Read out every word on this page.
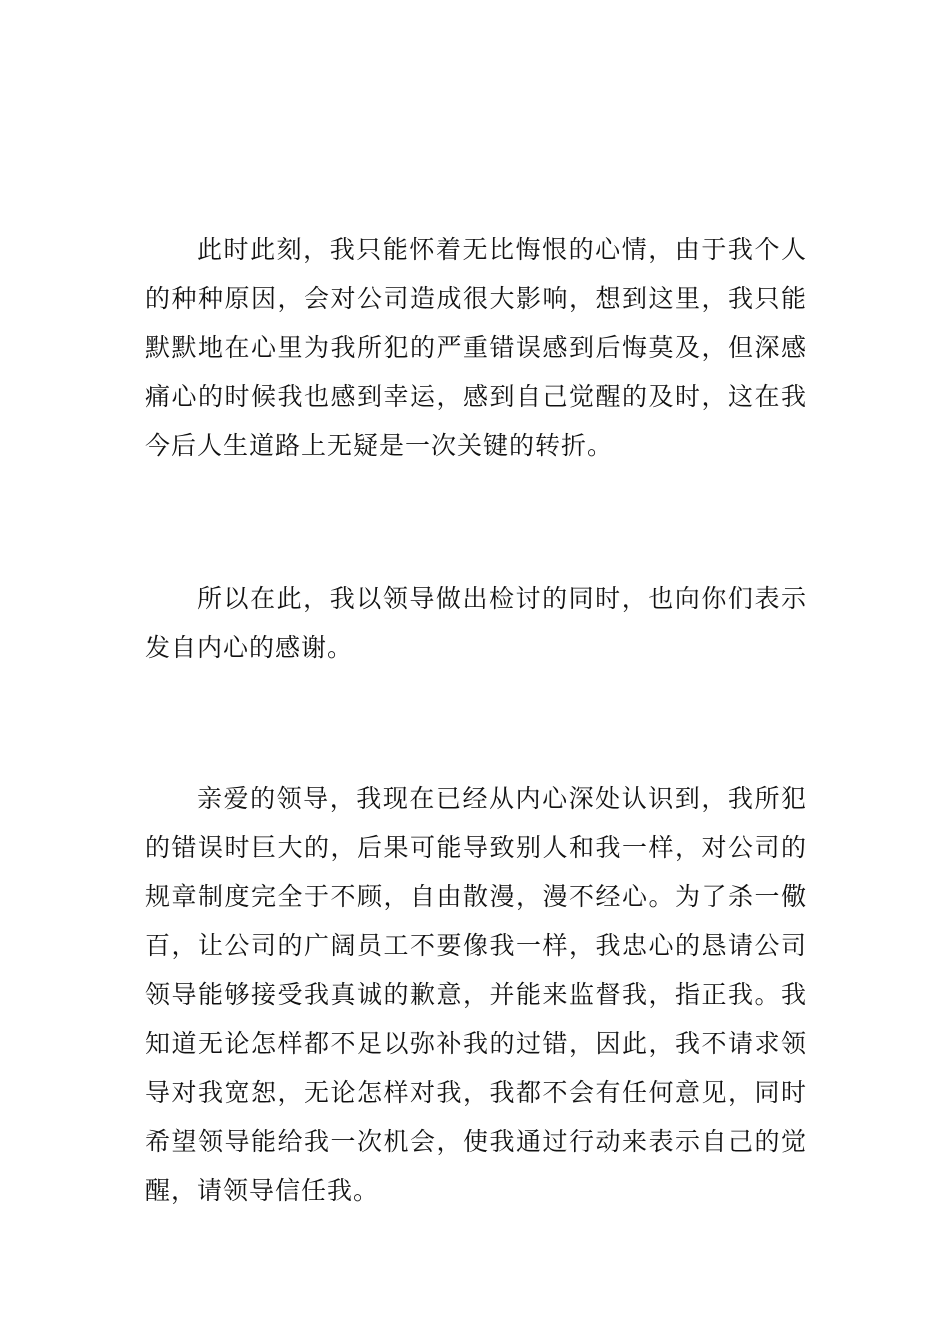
此时此刻，我只能怀着无比悔恨的心情，由于我个人的种种原因，会对公司造成很大影响，想到这里，我只能默默地在心里为我所犯的严重错误感到后悔莫及，但深感痛心的时候我也感到幸运，感到自己觉醒的及时，这在我今后人生道路上无疑是一次关键的转折。

所以在此，我以领导做出检讨的同时，也向你们表示发自内心的感谢。

亲爱的领导，我现在已经从内心深处认识到，我所犯的错误时巨大的，后果可能导致别人和我一样，对公司的规章制度完全于不顾，自由散漫，漫不经心。为了杀一儆百，让公司的广阔员工不要像我一样，我忠心的恳请公司领导能够接受我真诚的歉意，并能来监督我，指正我。我知道无论怎样都不足以弥补我的过错，因此，我不请求领导对我宽恕，无论怎样对我，我都不会有任何意见，同时希望领导能给我一次机会，使我通过行动来表示自己的觉醒，请领导信任我。
